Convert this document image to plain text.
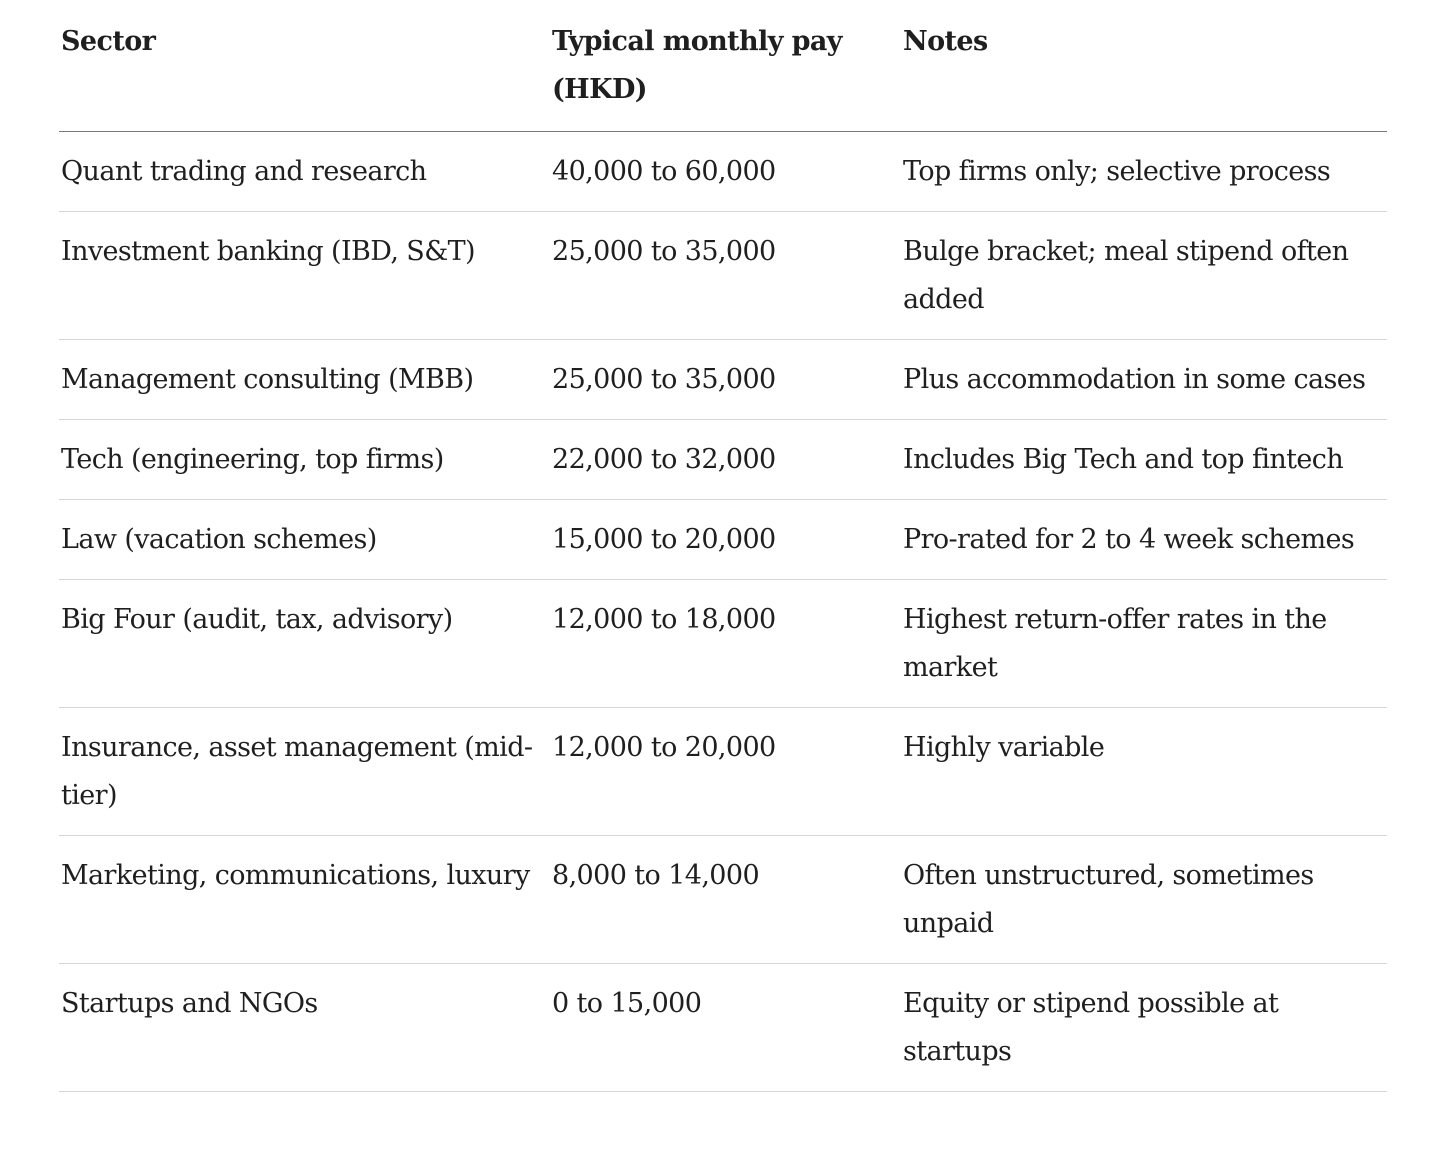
Sector	Typical monthly pay (HKD)	Notes
Quant trading and research	40,000 to 60,000	Top firms only; selective process
Investment banking (IBD, S&T)	25,000 to 35,000	Bulge bracket; meal stipend often added
Management consulting (MBB)	25,000 to 35,000	Plus accommodation in some cases
Tech (engineering, top firms)	22,000 to 32,000	Includes Big Tech and top fintech
Law (vacation schemes)	15,000 to 20,000	Pro-rated for 2 to 4 week schemes
Big Four (audit, tax, advisory)	12,000 to 18,000	Highest return-offer rates in the market
Insurance, asset management (mid-tier)	12,000 to 20,000	Highly variable
Marketing, communications, luxury	8,000 to 14,000	Often unstructured, sometimes unpaid
Startups and NGOs	0 to 15,000	Equity or stipend possible at startups
